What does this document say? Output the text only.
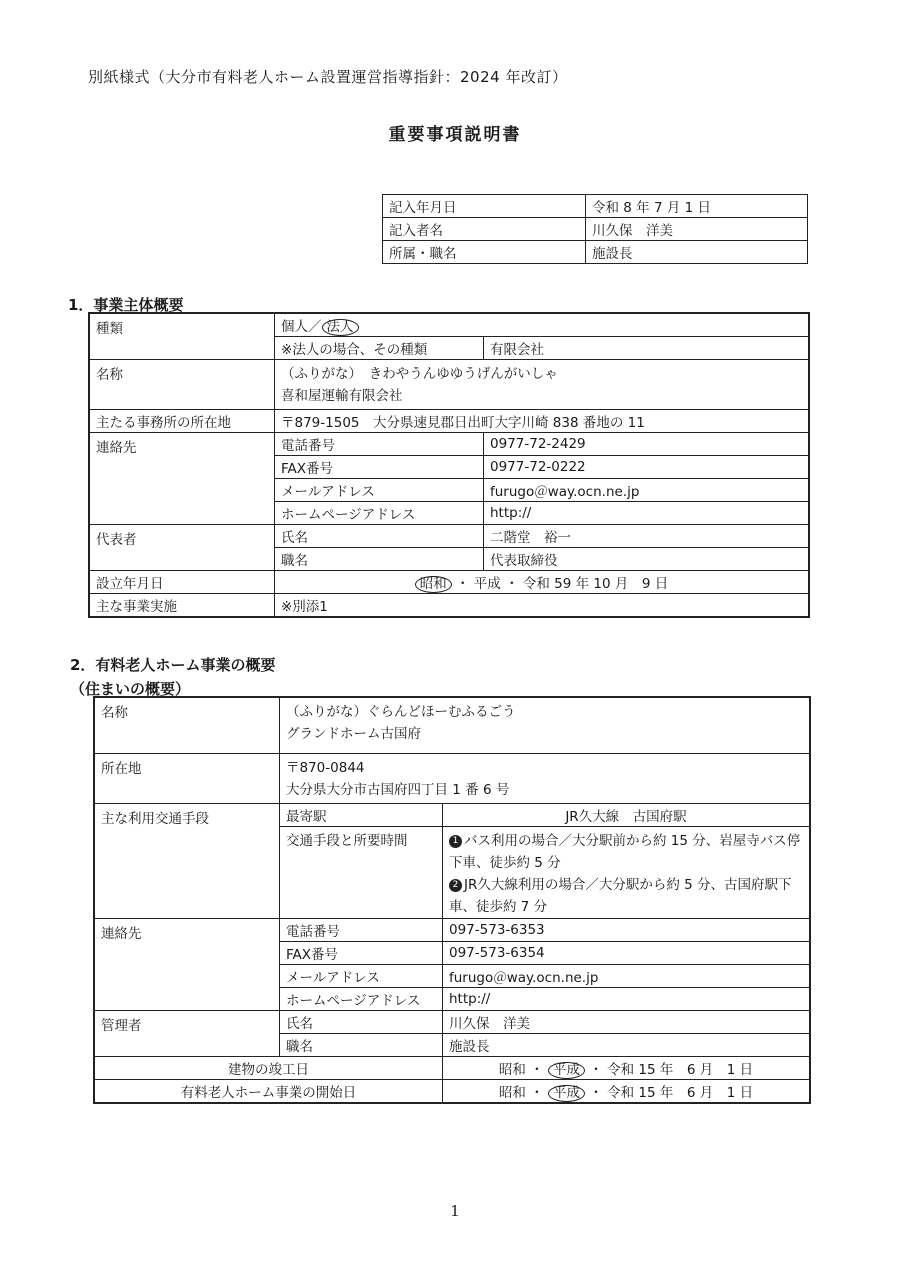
別紙様式（大分市有料老人ホーム設置運営指導指針：2024 年改訂）
重要事項説明書
記入年月日	令和 8 年 7 月 1 日
記入者名	川久保　洋美
所属・職名	施設長
1．事業主体概要
種類	個人／ 法人	
	※法人の場合、その種類	有限会社
名称	（ふりがな）　きわやうんゆゆうげんがいしゃ
喜和屋運輸有限会社	

主たる事務所の所在地	〒879-1505　大分県速見郡日出町大字川崎 838 番地の 11	
連絡先	電話番号	0977-72-2429
	FAX番号	0977-72-0222
	メールアドレス	furugo＠way.ocn.ne.jp
	ホームページアドレス	http://
代表者	氏名	二階堂　裕一
	職名	代表取締役
設立年月日	昭和 ・ 平成 ・ 令和 59 年 10 月　9 日	
主な事業実施	※別添1	
2．有料老人ホーム事業の概要
（住まいの概要）
名称	（ふりがな）ぐらんどほーむふるごう
グランドホーム古国府	

所在地	〒870-0844
大分県大分市古国府四丁目 1 番 6 号	

主な利用交通手段	最寄駅	JR久大線　古国府駅
	交通手段と所要時間	1 バス利用の場合／大分駅前から約 15 分、岩屋寺バス停下車、徒歩約 5 分
2 JR久大線利用の場合／大分駅から約 5 分、古国府駅下車、徒歩約 7 分

連絡先	電話番号	097-573-6353
	FAX番号	097-573-6354
	メールアドレス	furugo＠way.ocn.ne.jp
	ホームページアドレス	http://
管理者	氏名	川久保　洋美
	職名	施設長
建物の竣工日		昭和 ・ 平成 ・ 令和 15 年　6 月　1 日
有料老人ホーム事業の開始日		昭和 ・ 平成 ・ 令和 15 年　6 月　1 日
1
